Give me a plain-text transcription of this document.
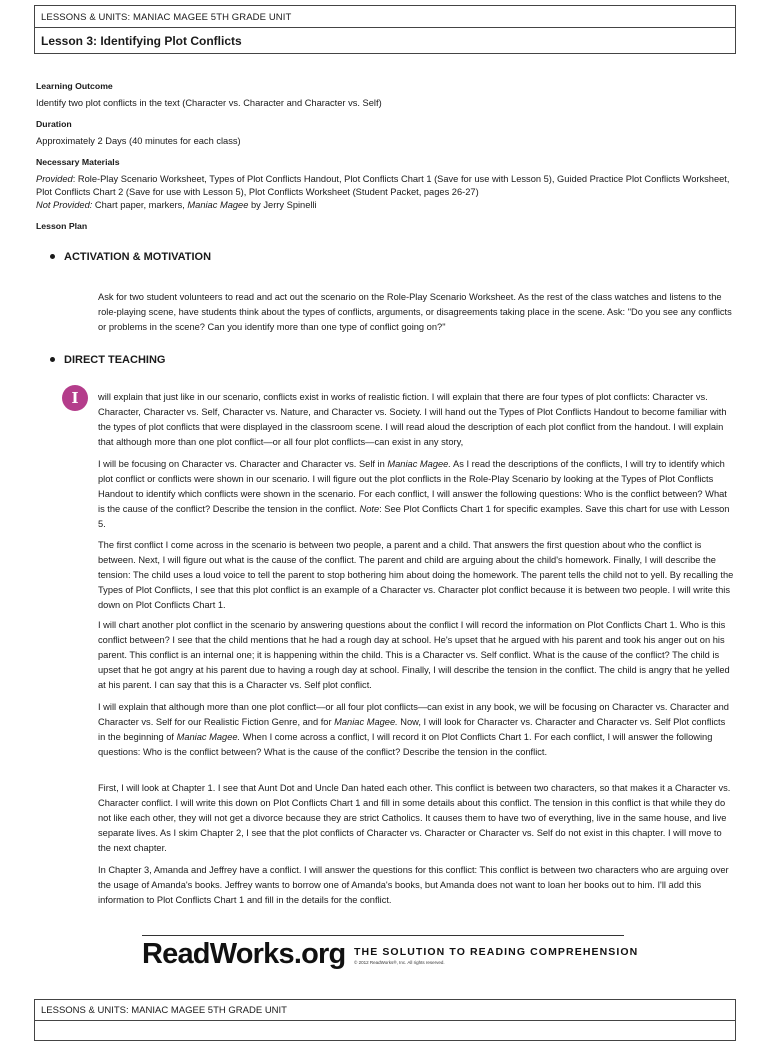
LESSONS & UNITS: MANIAC MAGEE 5TH GRADE UNIT
Lesson 3: Identifying Plot Conflicts

Learning Outcome

Identify two plot conflicts in the text (Character vs. Character and Character vs. Self)

Duration

Approximately 2 Days (40 minutes for each class)

Necessary Materials

Provided: Role-Play Scenario Worksheet, Types of Plot Conflicts Handout, Plot Conflicts Chart 1 (Save for use with Lesson 5), Guided Practice Plot Conflicts Worksheet, Plot Conflicts Chart 2 (Save for use with Lesson 5), Plot Conflicts Worksheet (Student Packet, pages 26-27)
Not Provided: Chart paper, markers, Maniac Magee by Jerry Spinelli

Lesson Plan

ACTIVATION & MOTIVATION

Ask for two student volunteers to read and act out the scenario on the Role-Play Scenario Worksheet. As the rest of the class watches and listens to the role-playing scene, have students think about the types of conflicts, arguments, or disagreements taking place in the scene. Ask: "Do you see any conflicts or problems in the scene? Can you identify more than one type of conflict going on?"

DIRECT TEACHING
I	will explain that just like in our scenario, conflicts exist in works of realistic fiction. I will explain that there are four types of plot conflicts: Character vs. Character, Character vs. Self, Character vs. Nature, and Character vs. Society. I will hand out the Types of Plot Conflicts Handout to become familiar with the types of plot conflicts that were displayed in the classroom scene. I will read aloud the description of each plot conflict from the handout. I will explain that although more than one plot conflict—or all four plot conflicts—can exist in any story,

I will be focusing on Character vs. Character and Character vs. Self in Maniac Magee. As I read the descriptions of the conflicts, I will try to identify which plot conflict or conflicts were shown in our scenario. I will figure out the plot conflicts in the Role-Play Scenario by looking at the Types of Plot Conflicts Handout to identify which conflicts were shown in the scenario. For each conflict, I will answer the following questions: Who is the conflict between? What is the cause of the conflict? Describe the tension in the conflict. Note: See Plot Conflicts Chart 1 for specific examples. Save this chart for use with Lesson 5.

The first conflict I come across in the scenario is between two people, a parent and a child. That answers the first question about who the conflict is between. Next, I will figure out what is the cause of the conflict. The parent and child are arguing about the child's homework. Finally, I will describe the tension: The child uses a loud voice to tell the parent to stop bothering him about doing the homework. The parent tells the child not to yell. By recalling the Types of Plot Conflicts, I see that this plot conflict is an example of a Character vs. Character plot conflict because it is between two people. I will write this down on Plot Conflicts Chart 1.

I will chart another plot conflict in the scenario by answering questions about the conflict I will record the information on Plot Conflicts Chart 1. Who is this conflict between? I see that the child mentions that he had a rough day at school. He's upset that he argued with his parent and took his anger out on his parent. This conflict is an internal one; it is happening within the child. This is a Character vs. Self conflict. What is the cause of the conflict? The child is upset that he got angry at his parent due to having a rough day at school. Finally, I will describe the tension in the conflict. The child is angry that he yelled at his parent. I can say that this is a Character vs. Self plot conflict.

I will explain that although more than one plot conflict—or all four plot conflicts—can exist in any book, we will be focusing on Character vs. Character and Character vs. Self for our Realistic Fiction Genre, and for Maniac Magee. Now, I will look for Character vs. Character and Character vs. Self Plot conflicts in the beginning of Maniac Magee. When I come across a conflict, I will record it on Plot Conflicts Chart 1. For each conflict, I will answer the following questions: Who is the conflict between? What is the cause of the conflict? Describe the tension in the conflict.

First, I will look at Chapter 1. I see that Aunt Dot and Uncle Dan hated each other. This conflict is between two characters, so that makes it a Character vs. Character conflict. I will write this down on Plot Conflicts Chart 1 and fill in some details about this conflict. The tension in this conflict is that while they do not like each other, they will not get a divorce because they are strict Catholics. It causes them to have two of everything, live in the same house, and live separate lives. As I skim Chapter 2, I see that the plot conflicts of Character vs. Character or Character vs. Self do not exist in this chapter. I will move to the next chapter.

In Chapter 3, Amanda and Jeffrey have a conflict. I will answer the questions for this conflict: This conflict is between two characters who are arguing over the usage of Amanda's books. Jeffrey wants to borrow one of Amanda's books, but Amanda does not want to loan her books out to him. I'll add this information to Plot Conflicts Chart 1 and fill in the details for the conflict.

ReadWorks.org THE SOLUTION TO READING COMPREHENSION
© 2012 ReadWorks®, Inc. All rights reserved.
LESSONS & UNITS: MANIAC MAGEE 5TH GRADE UNIT
